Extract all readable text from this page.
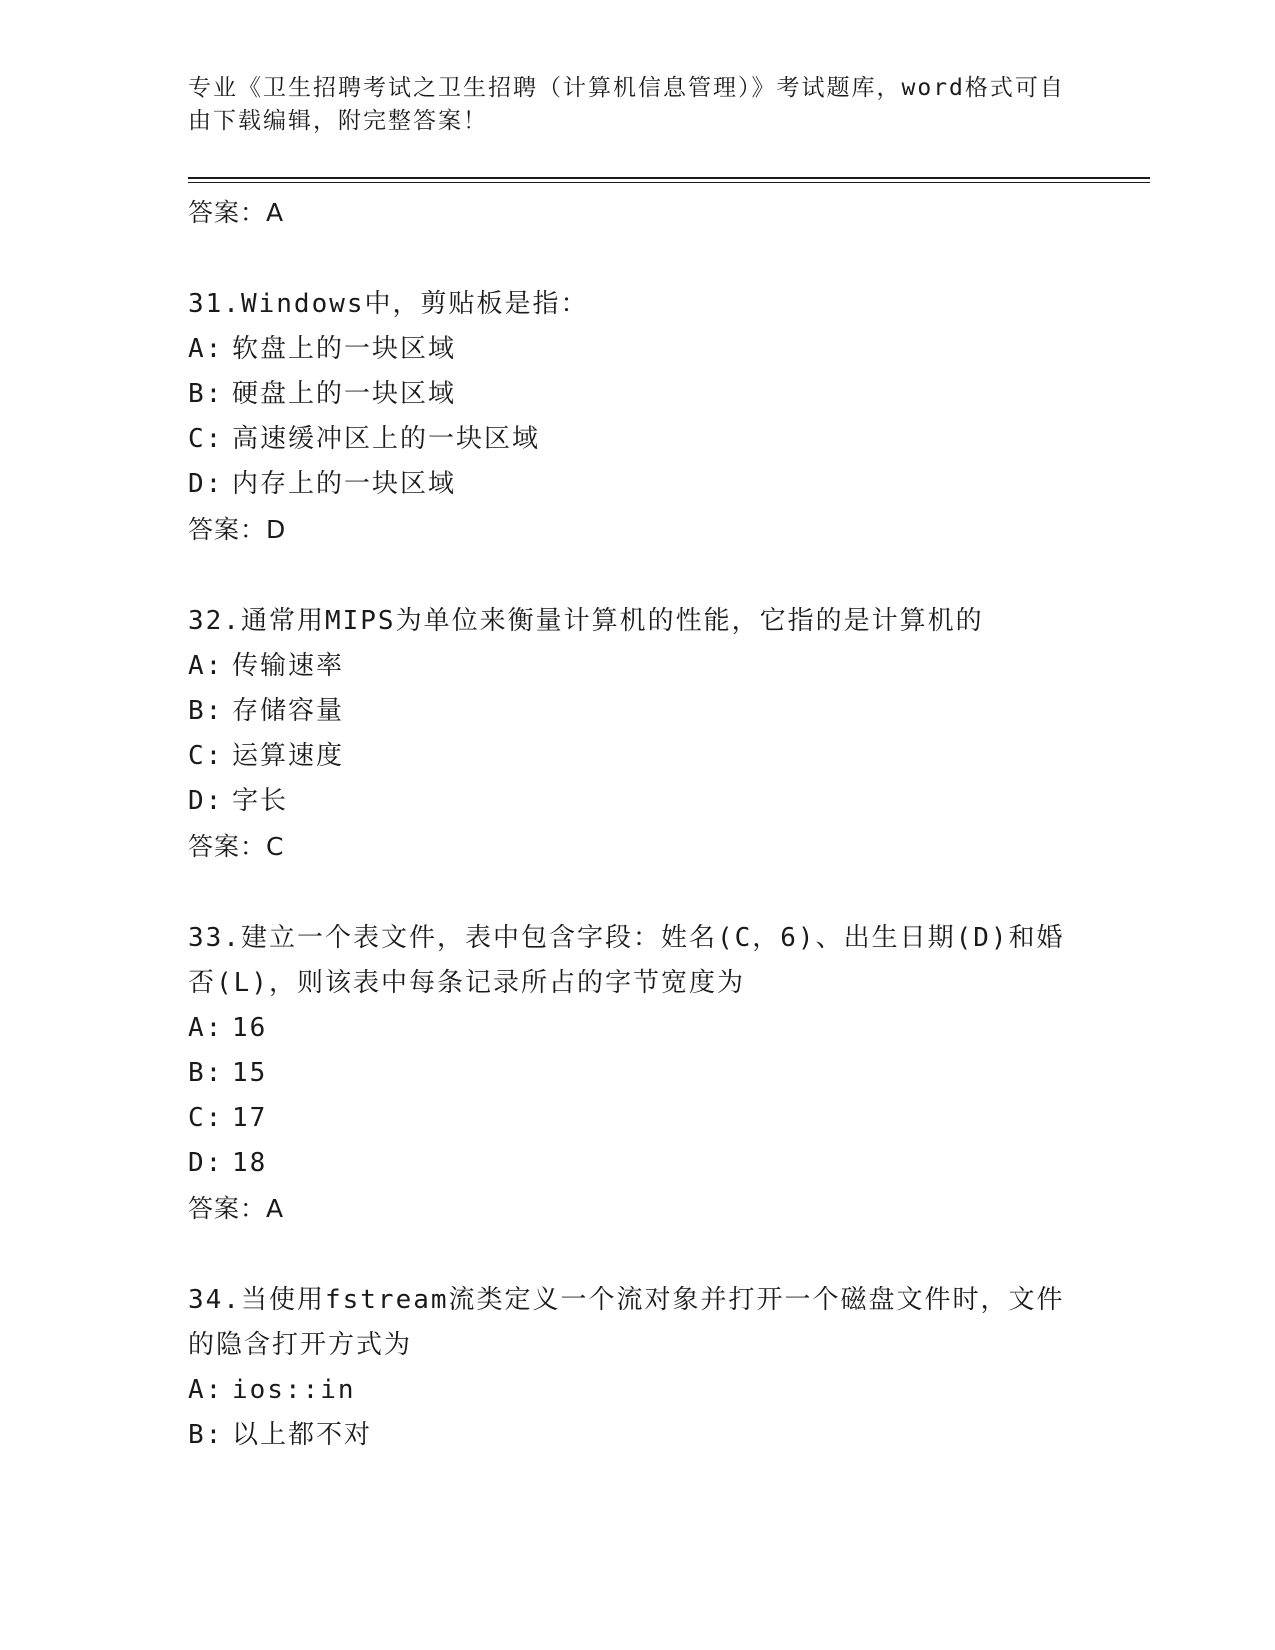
专业《卫生招聘考试之卫生招聘（计算机信息管理）》考试题库，word格式可自由下载编辑，附完整答案！
答案：A
31.Windows中，剪贴板是指：
A: 软盘上的一块区域
B: 硬盘上的一块区域
C: 高速缓冲区上的一块区域
D: 内存上的一块区域
答案：D
32.通常用MIPS为单位来衡量计算机的性能，它指的是计算机的
A: 传输速率
B: 存储容量
C: 运算速度
D: 字长
答案：C
33.建立一个表文件，表中包含字段：姓名(C，6)、出生日期(D)和婚否(L)，则该表中每条记录所占的字节宽度为
A: 16
B: 15
C: 17
D: 18
答案：A
34.当使用fstream流类定义一个流对象并打开一个磁盘文件时，文件的隐含打开方式为
A: ios::in
B: 以上都不对
